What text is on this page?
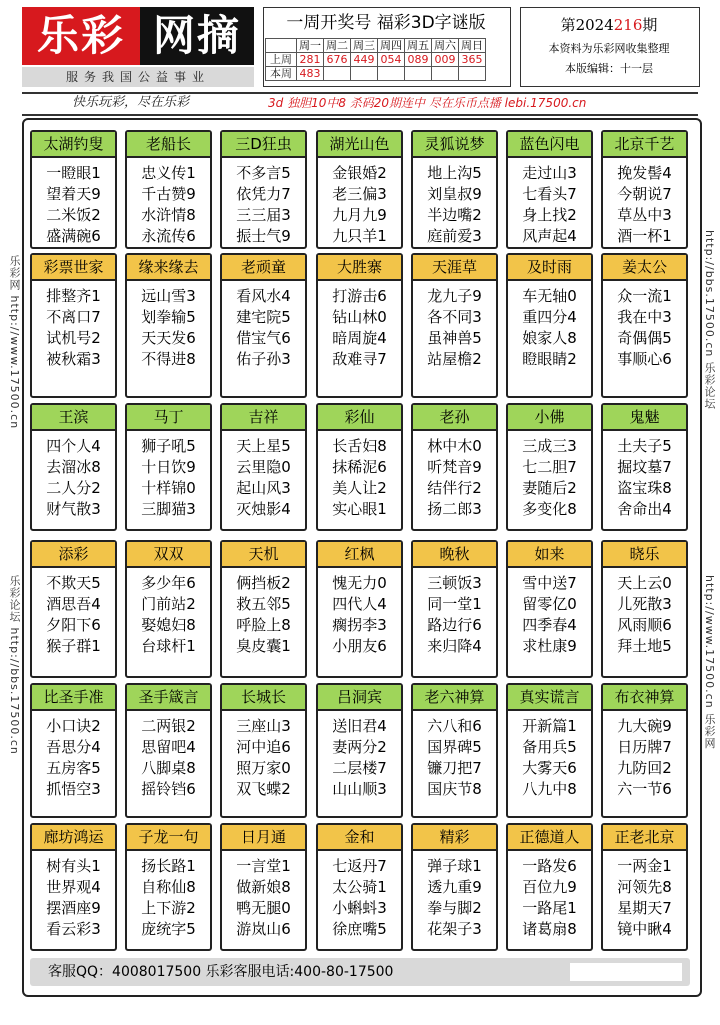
乐彩 网摘
服务我国公益事业
一周开奖号 福彩3D字谜版
	周一	周二	周三	周四	周五	周六	周日
上周	281	676	449	054	089	009	365
本周	483						
第2024216期
本资料为乐彩网收集整理
本版编辑：十一层
快乐玩彩，尽在乐彩	3d 独胆10中8 杀码20期连中 尽在乐币点播 lebi.17500.cn
乐彩网 http://www.17500.cn
乐彩论坛 http://bbs.17500.cn
http://bbs.17500.cn 乐彩论坛
http://www.17500.cn 乐彩网
太湖钓叟
一瞪眼1
望着天9
二米饭2
盛满碗6
老船长
忠义传1
千古赞9
水浒情8
永流传6
三D狂虫
不多言5
依凭力7
三三届3
振士气9
湖光山色
金银婚2
老三偏3
九月九9
九只羊1
灵狐说梦
地上沟5
刘皇叔9
半边嘴2
庭前爱3
蓝色闪电
走过山3
七看头7
身上找2
风声起4
北京千艺
挽发髻4
今朝说7
草丛中3
酒一杯1
彩票世家
排整齐1
不离口7
试机号2
被秋霜3
缘来缘去
远山雪3
划拳输5
天天发6
不得进8
老顽童
看风水4
建宅院5
借宝气6
佑子孙3
大胜寨
打游击6
钻山林0
暗周旋4
敌难寻7
天涯草
龙九子9
各不同3
虽神兽5
站屋檐2
及时雨
车无轴0
重四分4
娘家人8
瞪眼睛2
姜太公
众一流1
我在中3
奇偶偶5
事顺心6
王滨
四个人4
去溜冰8
二人分2
财气散3
马丁
狮子吼5
十日饮9
十样锦0
三脚猫3
吉祥
天上星5
云里隐0
起山风3
灭烛影4
彩仙
长舌妇8
抹稀泥6
美人让2
实心眼1
老孙
林中木0
听梵音9
结伴行2
扬二郎3
小佛
三成三3
七二胆7
妻随后2
多变化8
鬼魅
土夫子5
掘坟墓7
盗宝珠8
舍命出4
添彩
不欺天5
酒思吾4
夕阳下6
猴子群1
双双
多少年6
门前站2
娶媳妇8
台球杆1
天机
俩挡板2
救五邻5
呼脸上8
臭皮囊1
红枫
愧无力0
四代人4
瘸拐李3
小朋友6
晚秋
三顿饭3
同一堂1
路边行6
来归降4
如来
雪中送7
留零亿0
四季春4
求杜康9
晓乐
天上云0
儿死散3
风雨顺6
拜土地5
比圣手准
小口诀2
吾思分4
五房客5
抓悟空3
圣手箴言
二两银2
思留吧4
八脚桌8
摇铃铛6
长城长
三座山3
河中追6
照万家0
双飞蝶2
吕洞宾
送旧君4
妻两分2
二层楼7
山山顺3
老六神算
六八和6
国界碑5
镰刀把7
国庆节8
真实谎言
开新篇1
备用兵5
大雾天6
八九中8
布衣神算
九大碗9
日历牌7
九防回2
六一节6
廊坊鸿运
树有头1
世界观4
摆酒座9
看云彩3
子龙一句
扬长路1
自称仙8
上下游2
庞统字5
日月通
一言堂1
做新娘8
鸭无腿0
游岚山6
金和
七返丹7
太公骑1
小蝌蚪3
徐庶嘴5
精彩
弹子球1
透九重9
拳与脚2
花架子3
正德道人
一路发6
百位九9
一路尾1
诸葛扇8
正老北京
一两金1
河领先8
星期天7
镜中瞅4
客服QQ：4008017500 乐彩客服电话:400-80-17500
